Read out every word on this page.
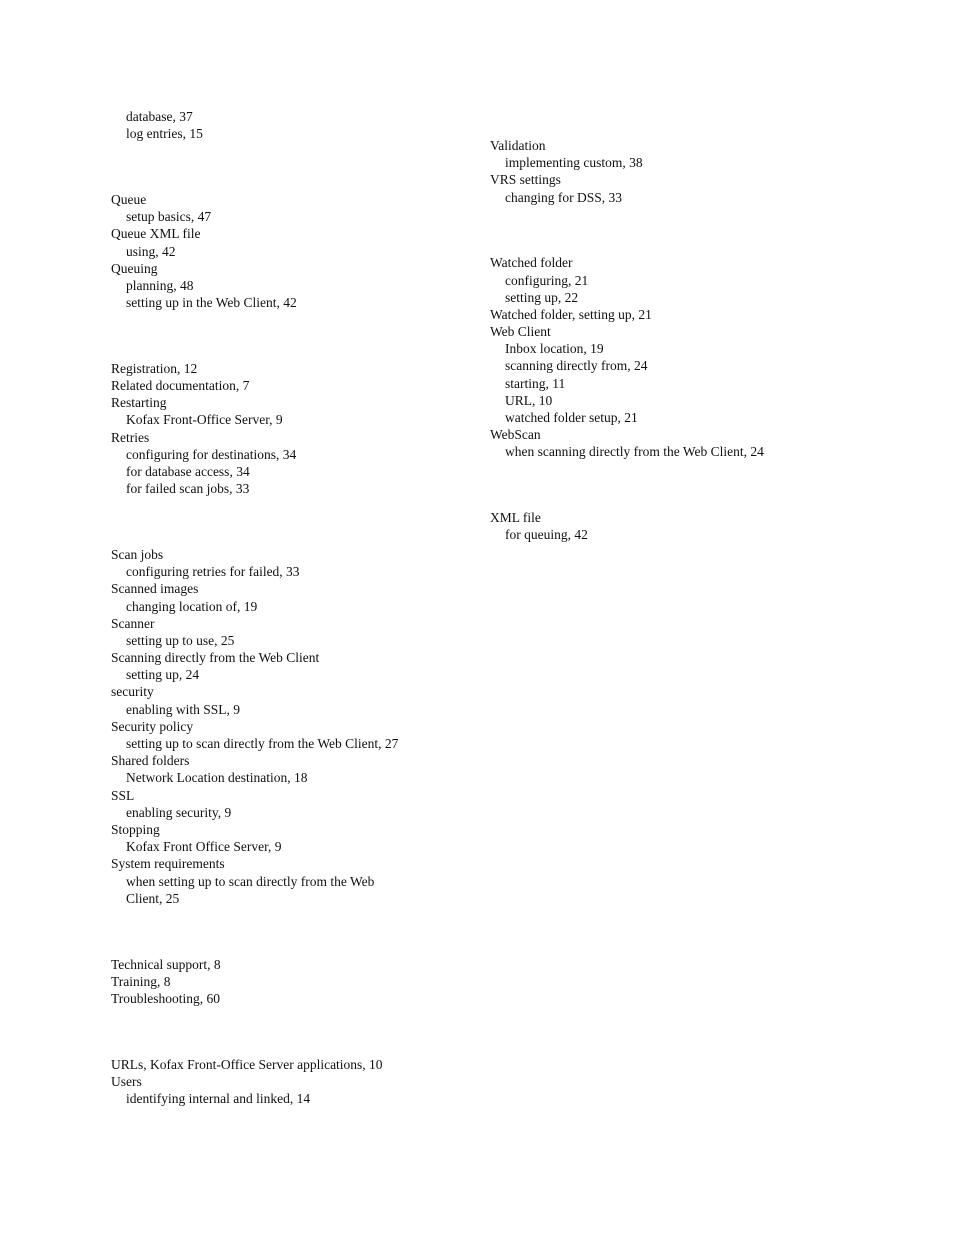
database, 37
log entries, 15
Queue
setup basics, 47
Queue XML file
using, 42
Queuing
planning, 48
setting up in the Web Client, 42
Registration, 12
Related documentation, 7
Restarting
Kofax Front-Office Server, 9
Retries
configuring for destinations, 34
for database access, 34
for failed scan jobs, 33
Scan jobs
configuring retries for failed, 33
Scanned images
changing location of, 19
Scanner
setting up to use, 25
Scanning directly from the Web Client
setting up, 24
security
enabling with SSL, 9
Security policy
setting up to scan directly from the Web Client, 27
Shared folders
Network Location destination, 18
SSL
enabling security, 9
Stopping
Kofax Front Office Server, 9
System requirements
when setting up to scan directly from the Web
Client, 25
Technical support, 8
Training, 8
Troubleshooting, 60
URLs, Kofax Front-Office Server applications, 10
Users
identifying internal and linked, 14
Validation
implementing custom, 38
VRS settings
changing for DSS, 33
Watched folder
configuring, 21
setting up, 22
Watched folder, setting up, 21
Web Client
Inbox location, 19
scanning directly from, 24
starting, 11
URL, 10
watched folder setup, 21
WebScan
when scanning directly from the Web Client, 24
XML file
for queuing, 42
